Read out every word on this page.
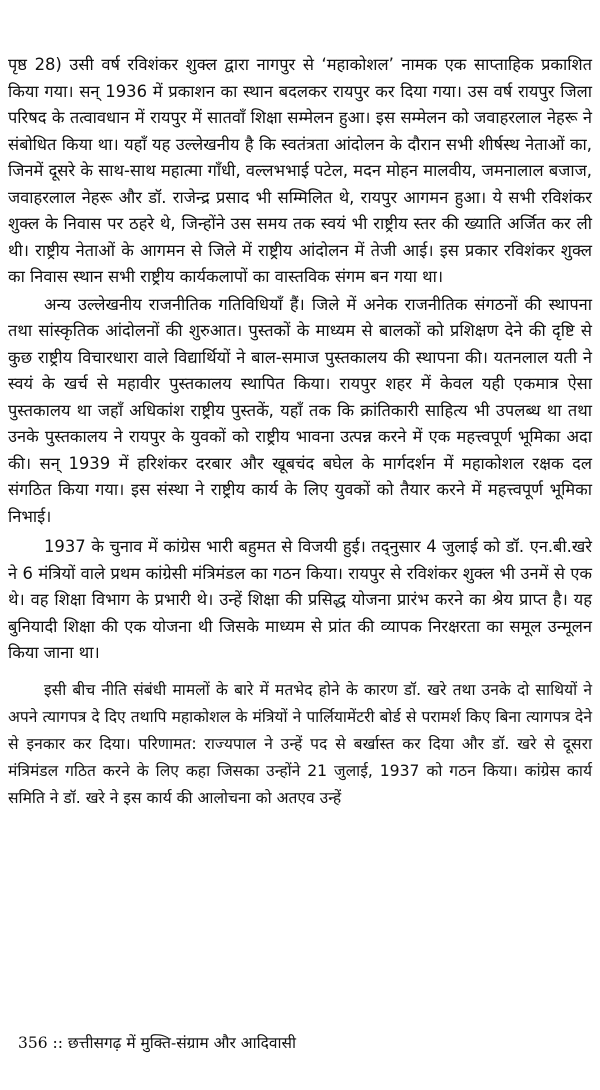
पृष्ठ 28) उसी वर्ष रविशंकर शुक्ल द्वारा नागपुर से ‘महाकोशल’ नामक एक साप्ताहिक प्रकाशित किया गया। सन् 1936 में प्रकाशन का स्थान बदलकर रायपुर कर दिया गया। उस वर्ष रायपुर जिला परिषद के तत्वावधान में रायपुर में सातवाँ शिक्षा सम्मेलन हुआ। इस सम्मेलन को जवाहरलाल नेहरू ने संबोधित किया था। यहाँ यह उल्लेखनीय है कि स्वतंत्रता आंदोलन के दौरान सभी शीर्षस्थ नेताओं का, जिनमें दूसरे के साथ-साथ महात्मा गाँधी, वल्लभभाई पटेल, मदन मोहन मालवीय, जमनालाल बजाज, जवाहरलाल नेहरू और डॉ. राजेन्द्र प्रसाद भी सम्मिलित थे, रायपुर आगमन हुआ। ये सभी रविशंकर शुक्ल के निवास पर ठहरे थे, जिन्होंने उस समय तक स्वयं भी राष्ट्रीय स्तर की ख्याति अर्जित कर ली थी। राष्ट्रीय नेताओं के आगमन से जिले में राष्ट्रीय आंदोलन में तेजी आई। इस प्रकार रविशंकर शुक्ल का निवास स्थान सभी राष्ट्रीय कार्यकलापों का वास्तविक संगम बन गया था।

अन्य उल्लेखनीय राजनीतिक गतिविधियाँ हैं। जिले में अनेक राजनीतिक संगठनों की स्थापना तथा सांस्कृतिक आंदोलनों की शुरुआत। पुस्तकों के माध्यम से बालकों को प्रशिक्षण देने की दृष्टि से कुछ राष्ट्रीय विचारधारा वाले विद्यार्थियों ने बाल-समाज पुस्तकालय की स्थापना की। यतनलाल यती ने स्वयं के खर्च से महावीर पुस्तकालय स्थापित किया। रायपुर शहर में केवल यही एकमात्र ऐसा पुस्तकालय था जहाँ अधिकांश राष्ट्रीय पुस्तकें, यहाँ तक कि क्रांतिकारी साहित्य भी उपलब्ध था तथा उनके पुस्तकालय ने रायपुर के युवकों को राष्ट्रीय भावना उत्पन्न करने में एक महत्त्वपूर्ण भूमिका अदा की। सन् 1939 में हरिशंकर दरबार और खूबचंद बघेल के मार्गदर्शन में महाकोशल रक्षक दल संगठित किया गया। इस संस्था ने राष्ट्रीय कार्य के लिए युवकों को तैयार करने में महत्त्वपूर्ण भूमिका निभाई।

1937 के चुनाव में कांग्रेस भारी बहुमत से विजयी हुई। तद्नुसार 4 जुलाई को डॉ. एन.बी.खरे ने 6 मंत्रियों वाले प्रथम कांग्रेसी मंत्रिमंडल का गठन किया। रायपुर से रविशंकर शुक्ल भी उनमें से एक थे। वह शिक्षा विभाग के प्रभारी थे। उन्हें शिक्षा की प्रसिद्ध योजना प्रारंभ करने का श्रेय प्राप्त है। यह बुनियादी शिक्षा की एक योजना थी जिसके माध्यम से प्रांत की व्यापक निरक्षरता का समूल उन्मूलन किया जाना था।

इसी बीच नीति संबंधी मामलों के बारे में मतभेद होने के कारण डॉ. खरे तथा उनके दो साथियों ने अपने त्यागपत्र दे दिए तथापि महाकोशल के मंत्रियों ने पार्लियामेंटरी बोर्ड से परामर्श किए बिना त्यागपत्र देने से इनकार कर दिया। परिणामत: राज्यपाल ने उन्हें पद से बर्खास्त कर दिया और डॉ. खरे से दूसरा मंत्रिमंडल गठित करने के लिए कहा जिसका उन्होंने 21 जुलाई, 1937 को गठन किया। कांग्रेस कार्य समिति ने डॉ. खरे ने इस कार्य की आलोचना को अतएव उन्हें

356 :: छत्तीसगढ़ में मुक्ति-संग्राम और आदिवासी
